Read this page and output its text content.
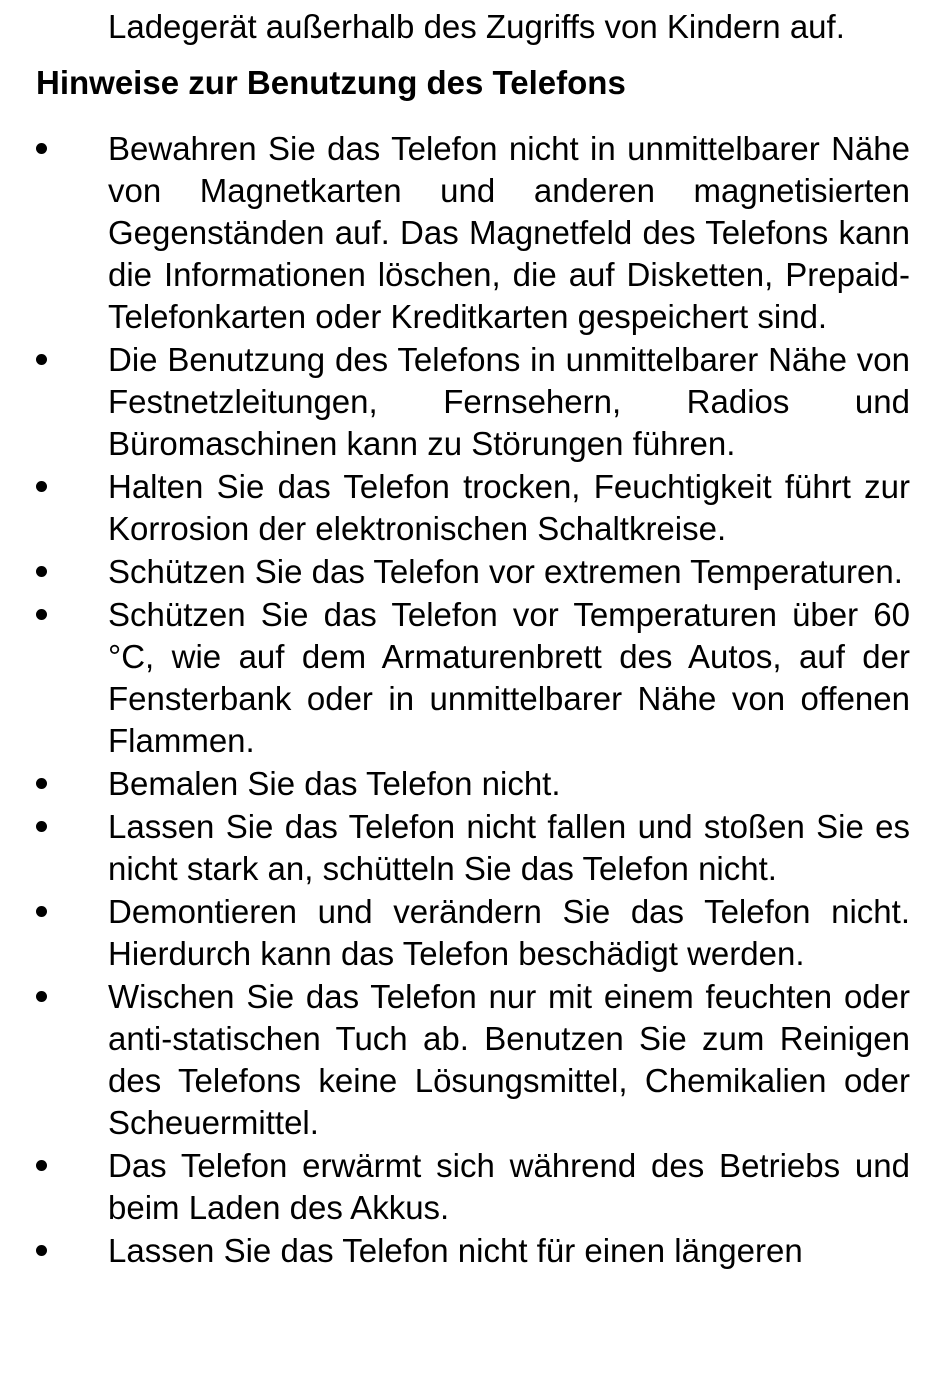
Ladegerät außerhalb des Zugriffs von Kindern auf.
Hinweise zur Benutzung des Telefons
Bewahren Sie das Telefon nicht in unmittelbarer Nähe von Magnetkarten und anderen magnetisierten Gegenständen auf. Das Magnetfeld des Telefons kann die Informationen löschen, die auf Disketten, Prepaid-Telefonkarten oder Kreditkarten gespeichert sind.
Die Benutzung des Telefons in unmittelbarer Nähe von Festnetzleitungen, Fernsehern, Radios und Büromaschinen kann zu Störungen führen.
Halten Sie das Telefon trocken, Feuchtigkeit führt zur Korrosion der elektronischen Schaltkreise.
Schützen Sie das Telefon vor extremen Temperaturen.
Schützen Sie das Telefon vor Temperaturen über 60 °C, wie auf dem Armaturenbrett des Autos, auf der Fensterbank oder in unmittelbarer Nähe von offenen Flammen.
Bemalen Sie das Telefon nicht.
Lassen Sie das Telefon nicht fallen und stoßen Sie es nicht stark an, schütteln Sie das Telefon nicht.
Demontieren und verändern Sie das Telefon nicht. Hierdurch kann das Telefon beschädigt werden.
Wischen Sie das Telefon nur mit einem feuchten oder anti-statischen Tuch ab. Benutzen Sie zum Reinigen des Telefons keine Lösungsmittel, Chemikalien oder Scheuermittel.
Das Telefon erwärmt sich während des Betriebs und beim Laden des Akkus.
Lassen Sie das Telefon nicht für einen längeren
